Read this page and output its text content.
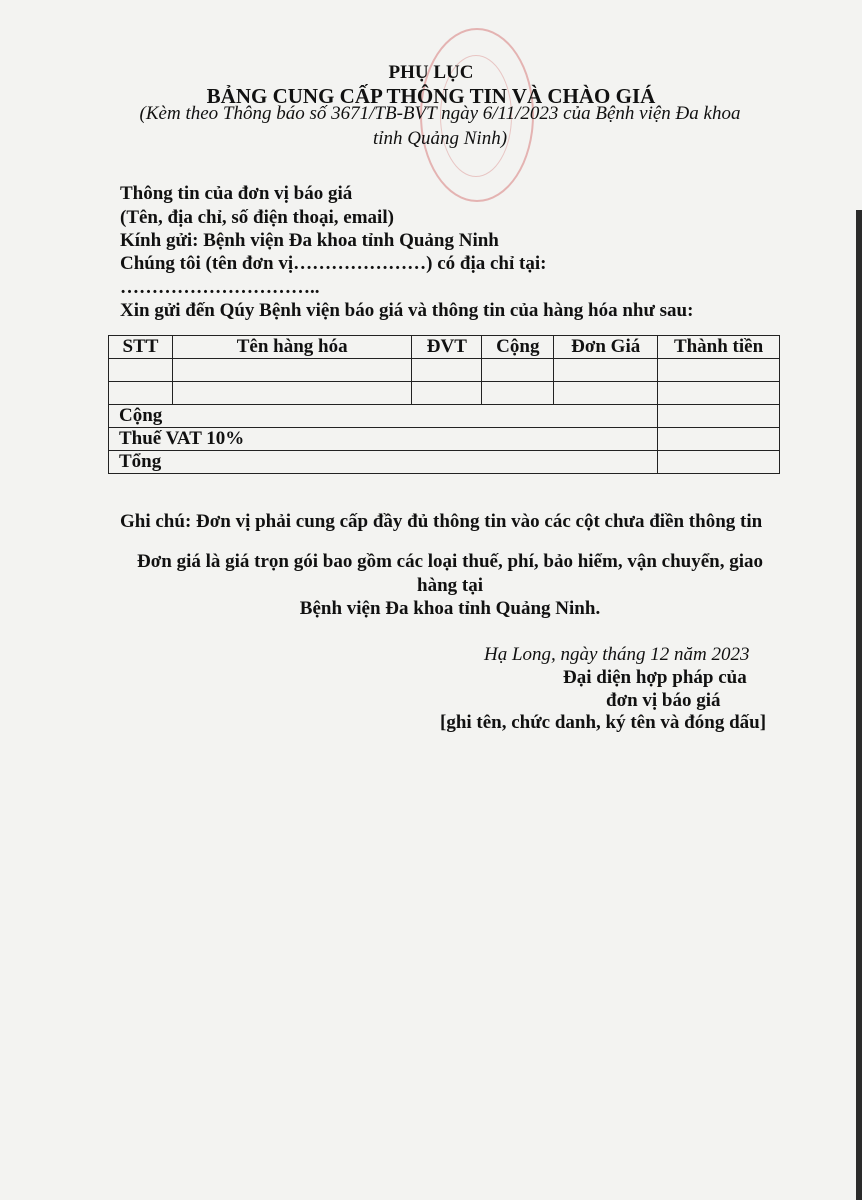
PHỤ LỤC
BẢNG CUNG CẤP THÔNG TIN VÀ CHÀO GIÁ
(Kèm theo Thông báo số 3671/TB-BVT ngày 6/11/2023 của Bệnh viện Đa khoa
tỉnh Quảng Ninh)
Thông tin của đơn vị báo giá
(Tên, địa chỉ, số điện thoại, email)
Kính gửi: Bệnh viện Đa khoa tỉnh Quảng Ninh
Chúng tôi (tên đơn vị…………………) có địa chỉ tại:
…………………………..
Xin gửi đến Qúy Bệnh viện báo giá và thông tin của hàng hóa như sau:
STT	Tên hàng hóa	ĐVT	Cộng	Đơn Giá	Thành tiền

Cộng					
Thuế VAT 10%					
Tổng					
Ghi chú: Đơn vị phải cung cấp đầy đủ thông tin vào các cột chưa điền thông tin
Đơn giá là giá trọn gói bao gồm các loại thuế, phí, bảo hiểm, vận chuyển, giao hàng tại
Bệnh viện Đa khoa tỉnh Quảng Ninh.
Hạ Long, ngày tháng 12 năm 2023
Đại diện hợp pháp của
đơn vị báo giá
[ghi tên, chức danh, ký tên và đóng dấu]
